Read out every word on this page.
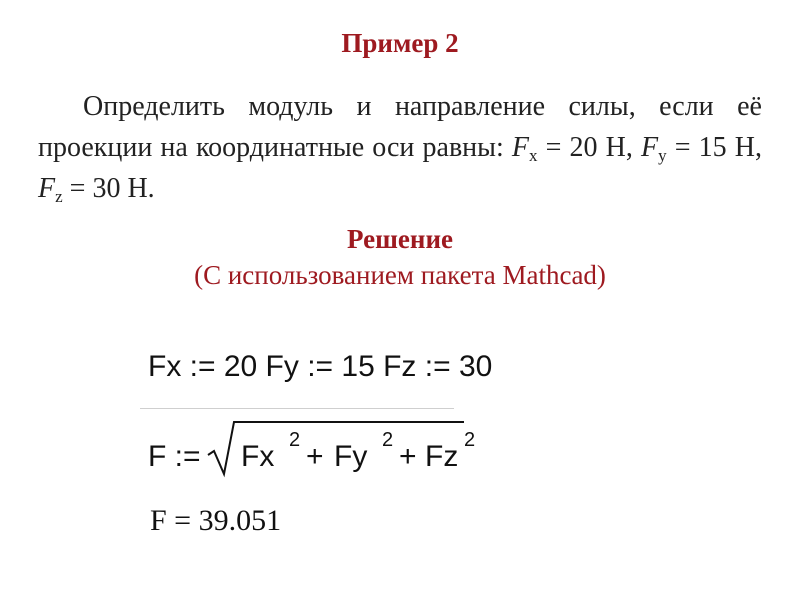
Пример 2
Определить модуль и направление силы, если её проекции на координатные оси равны: $F_x = 20$ Н, $F_y = 15$ Н, $F_z = 30$ Н.
Решение
(С использованием пакета Mathcad)
Fx := 20 Fy := 15 Fz := 30
F := Fx 2 + Fy 2 + Fz 2
F = 39.051
